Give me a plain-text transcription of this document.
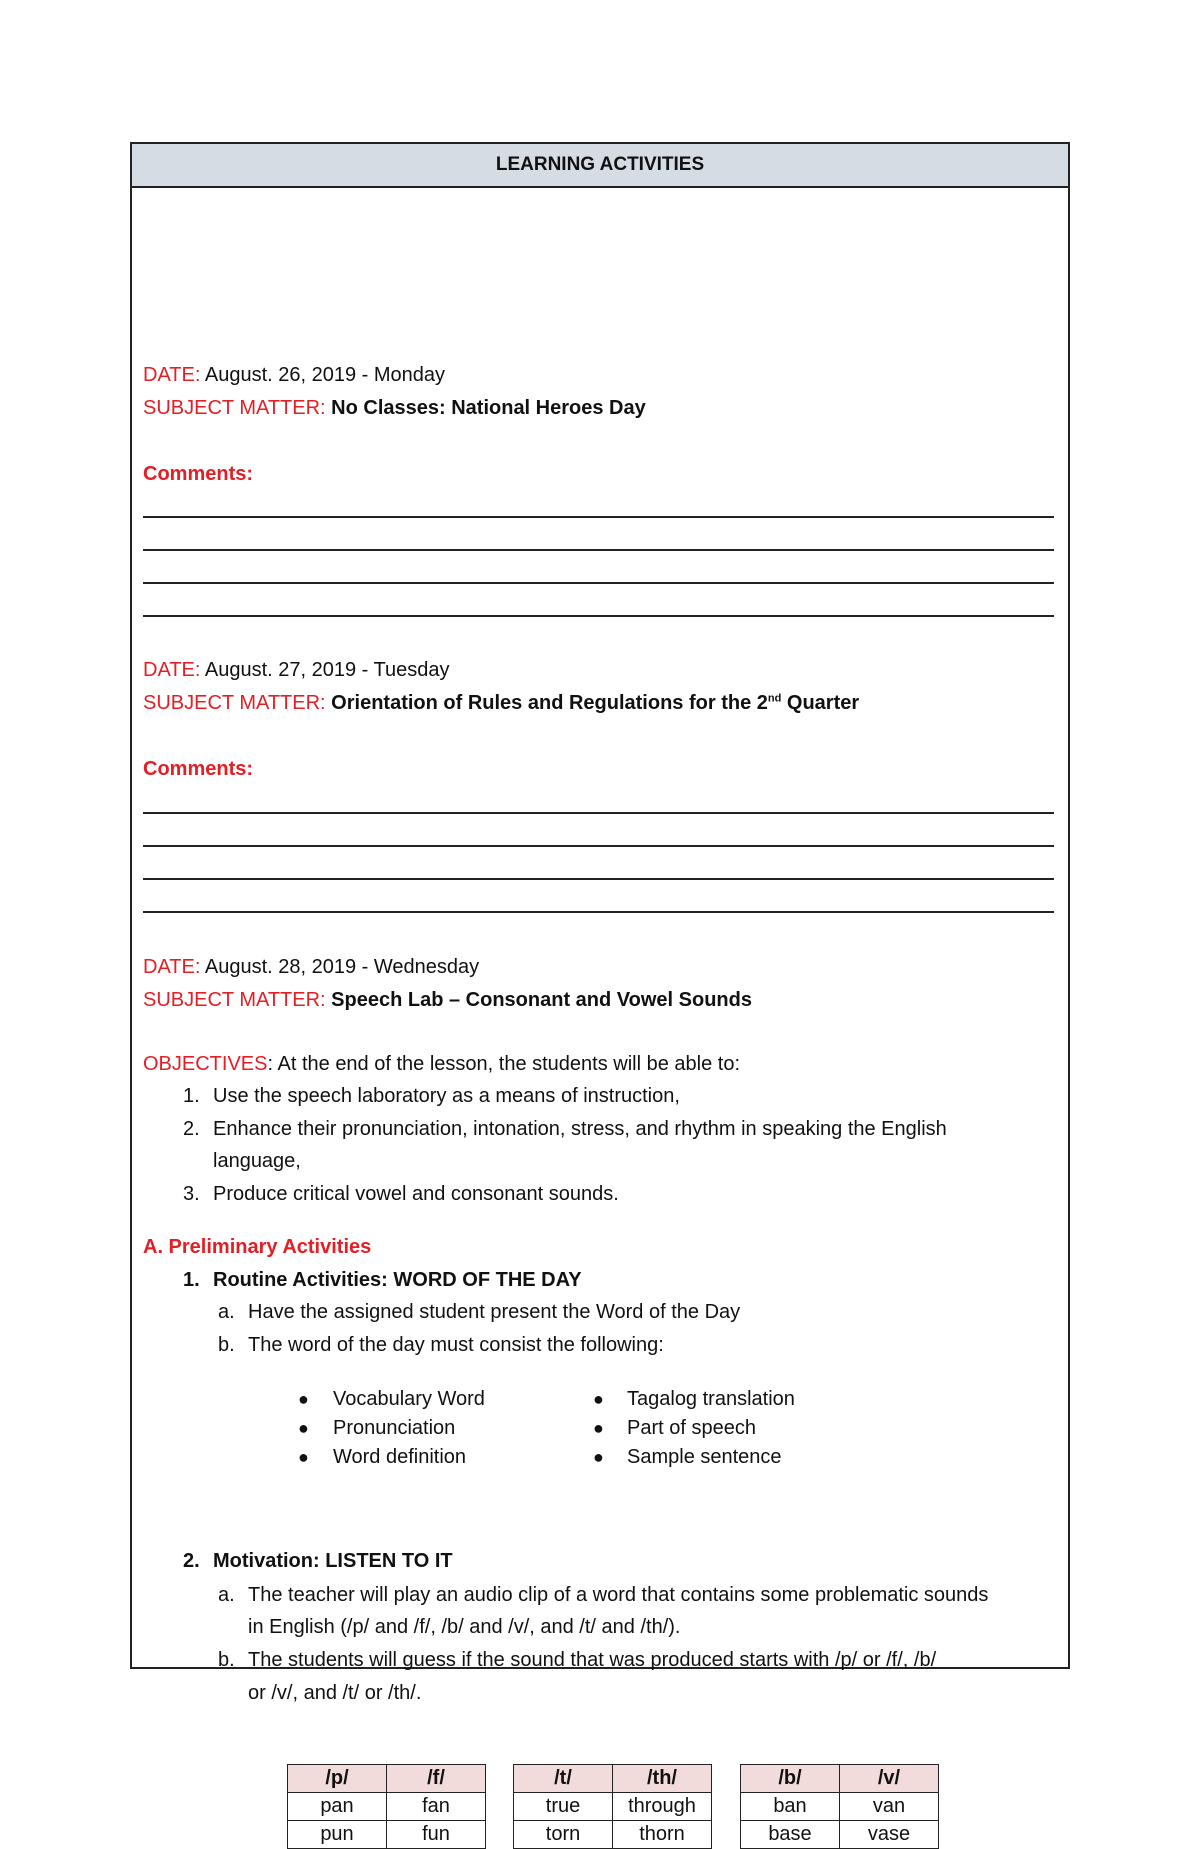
LEARNING ACTIVITIES
DATE: August. 26, 2019 - Monday
SUBJECT MATTER: No Classes: National Heroes Day
Comments:
DATE: August. 27, 2019 - Tuesday
SUBJECT MATTER: Orientation of Rules and Regulations for the 2nd Quarter
Comments:
DATE: August. 28, 2019 - Wednesday
SUBJECT MATTER: Speech Lab – Consonant and Vowel Sounds
OBJECTIVES: At the end of the lesson, the students will be able to:
1. Use the speech laboratory as a means of instruction,
2. Enhance their pronunciation, intonation, stress, and rhythm in speaking the English
language,
3. Produce critical vowel and consonant sounds.
A. Preliminary Activities
1. Routine Activities: WORD OF THE DAY
a. Have the assigned student present the Word of the Day
b. The word of the day must consist the following:
● Vocabulary Word	● Tagalog translation
● Pronunciation	● Part of speech
● Word definition	● Sample sentence
2. Motivation: LISTEN TO IT
a. The teacher will play an audio clip of a word that contains some problematic sounds
in English (/p/ and /f/, /b/ and /v/, and /t/ and /th/).
b. The students will guess if the sound that was produced starts with /p/ or /f/, /b/
or /v/, and /t/ or /th/.
/p/	/f/
pan	fan
pun	fun
/t/	/th/
true	through
torn	thorn
/b/	/v/
ban	van
base	vase
